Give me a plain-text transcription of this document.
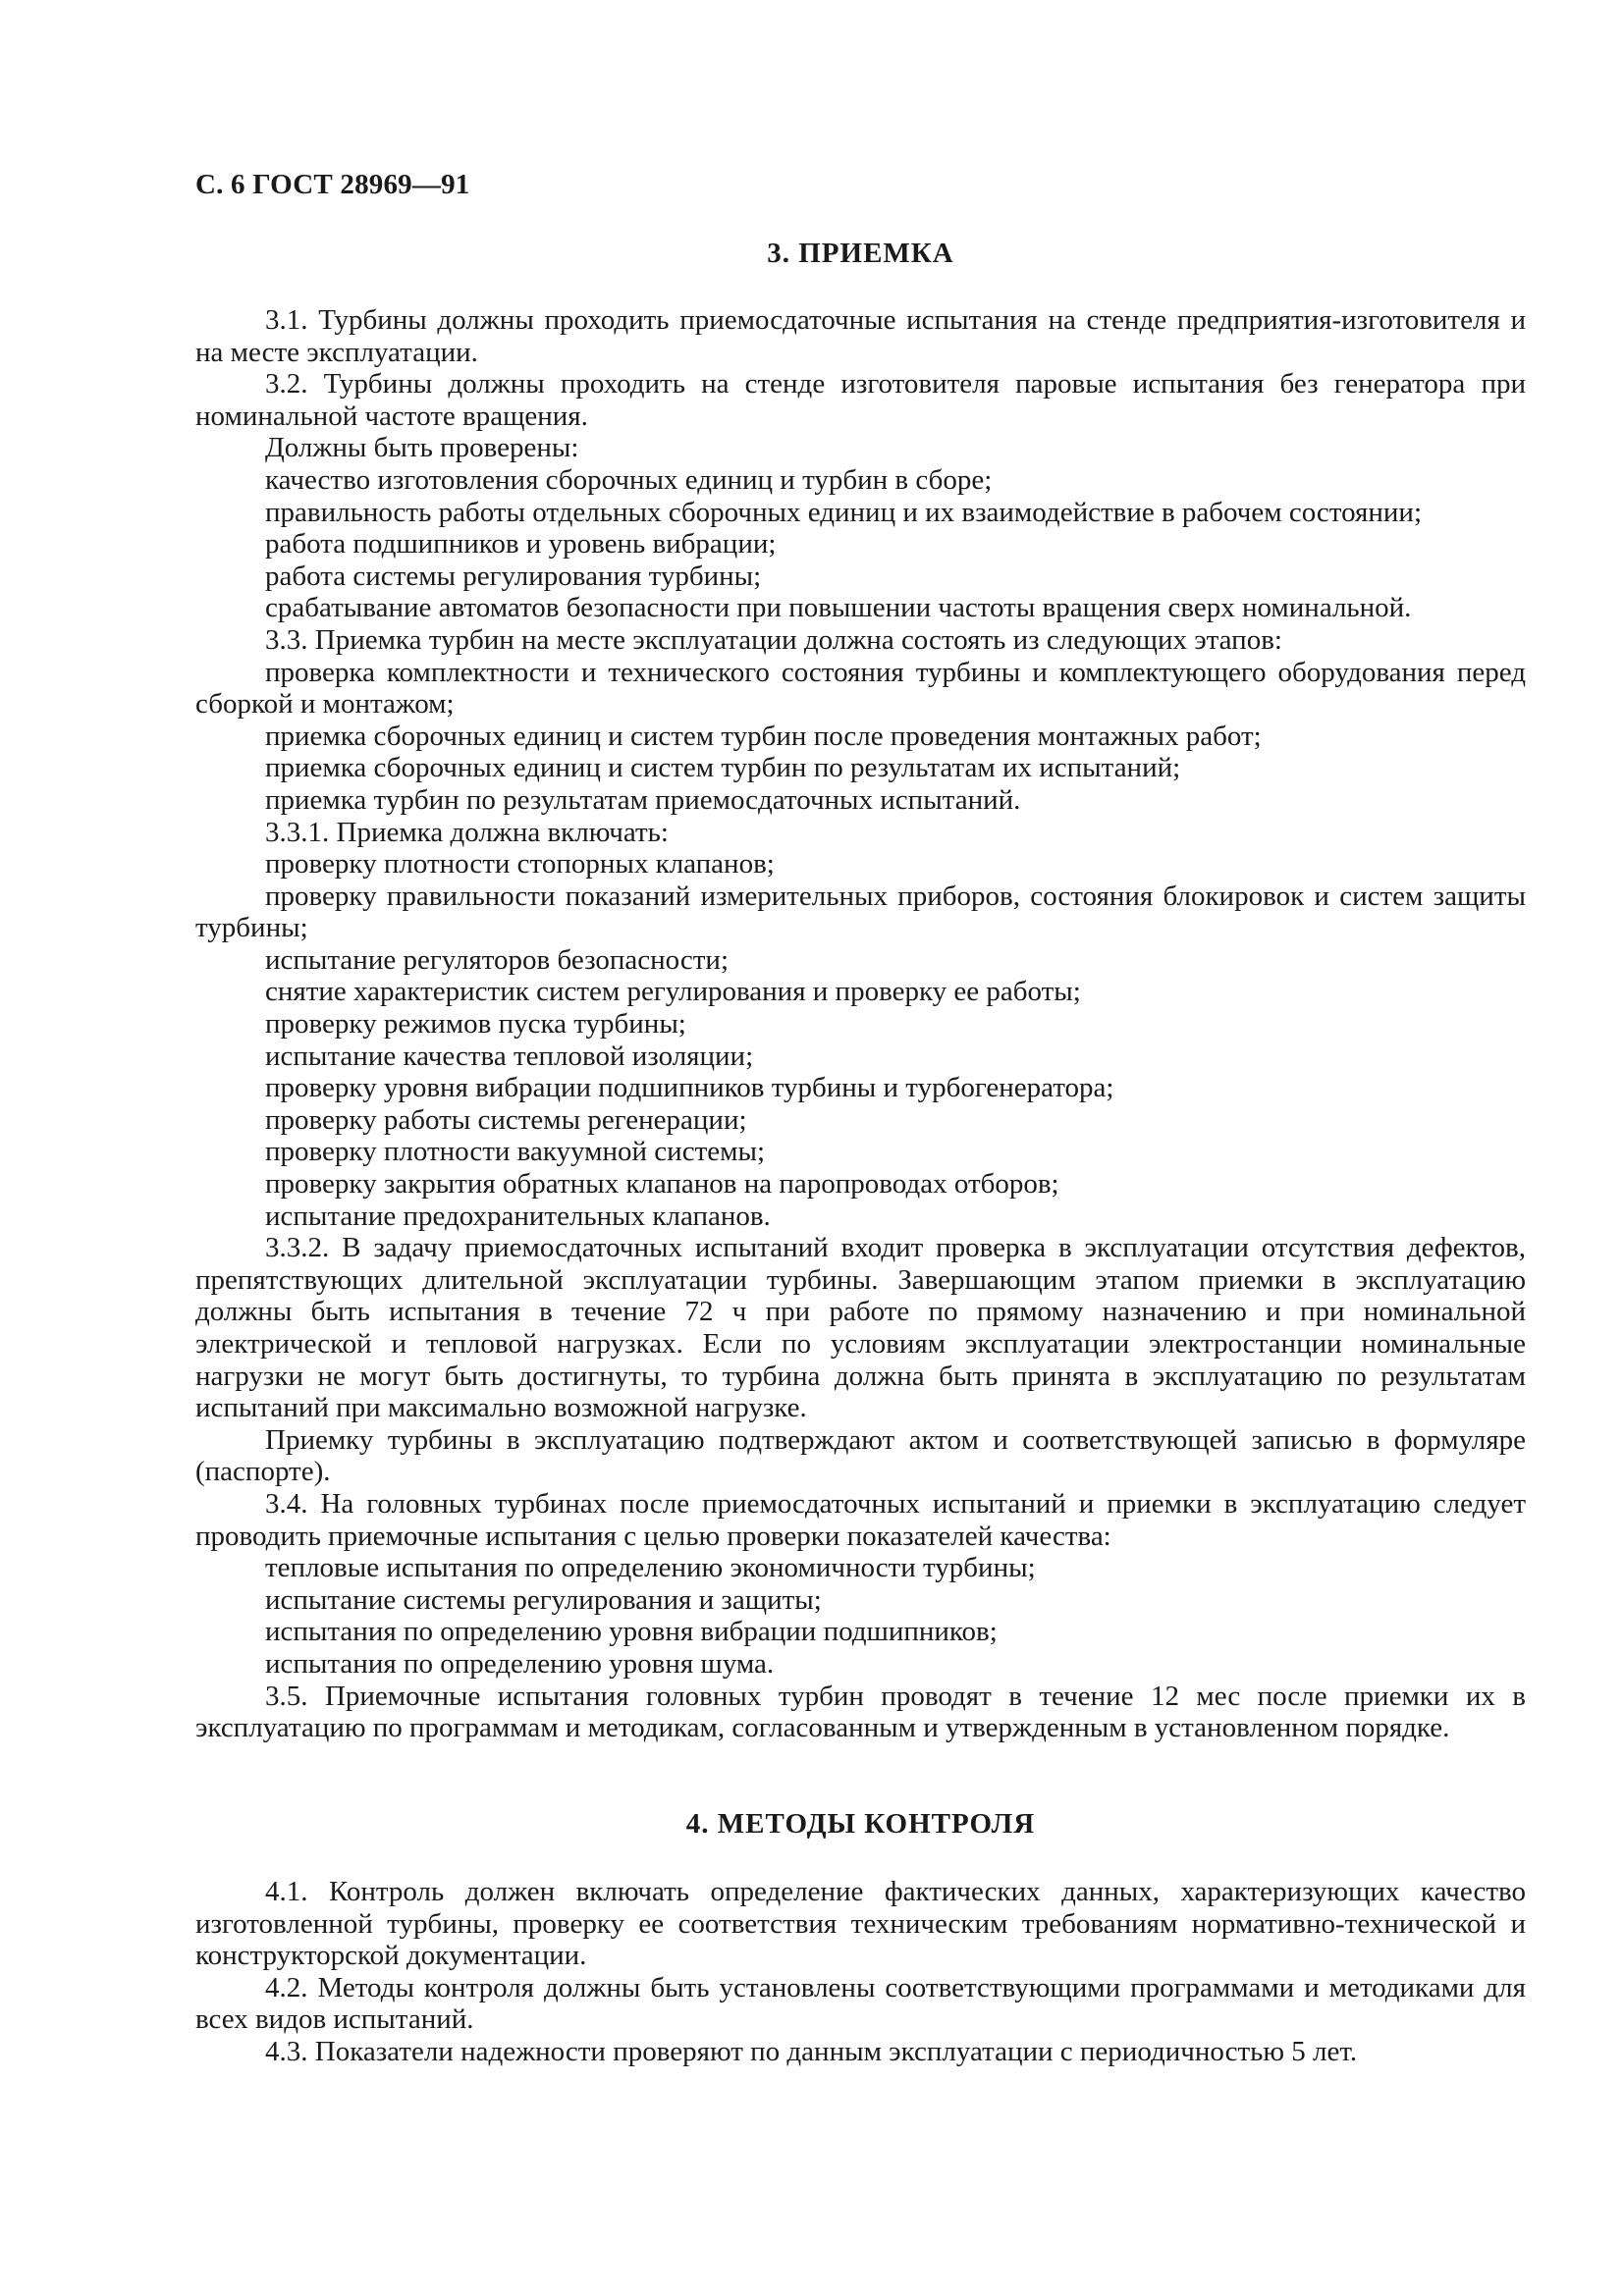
С. 6 ГОСТ 28969—91
3. ПРИЕМКА

3.1. Турбины должны проходить приемосдаточные испытания на стенде предприятия-изготовителя и на месте эксплуатации.

3.2. Турбины должны проходить на стенде изготовителя паровые испытания без генератора при номинальной частоте вращения.

Должны быть проверены:

качество изготовления сборочных единиц и турбин в сборе;

правильность работы отдельных сборочных единиц и их взаимодействие в рабочем состоянии;

работа подшипников и уровень вибрации;

работа системы регулирования турбины;

срабатывание автоматов безопасности при повышении частоты вращения сверх номинальной.

3.3. Приемка турбин на месте эксплуатации должна состоять из следующих этапов:

проверка комплектности и технического состояния турбины и комплектующего оборудования перед сборкой и монтажом;

приемка сборочных единиц и систем турбин после проведения монтажных работ;

приемка сборочных единиц и систем турбин по результатам их испытаний;

приемка турбин по результатам приемосдаточных испытаний.

3.3.1. Приемка должна включать:

проверку плотности стопорных клапанов;

проверку правильности показаний измерительных приборов, состояния блокировок и систем защиты турбины;

испытание регуляторов безопасности;

снятие характеристик систем регулирования и проверку ее работы;

проверку режимов пуска турбины;

испытание качества тепловой изоляции;

проверку уровня вибрации подшипников турбины и турбогенератора;

проверку работы системы регенерации;

проверку плотности вакуумной системы;

проверку закрытия обратных клапанов на паропроводах отборов;

испытание предохранительных клапанов.

3.3.2. В задачу приемосдаточных испытаний входит проверка в эксплуатации отсутствия дефектов, препятствующих длительной эксплуатации турбины. Завершающим этапом приемки в эксплуатацию должны быть испытания в течение 72 ч при работе по прямому назначению и при номинальной электрической и тепловой нагрузках. Если по условиям эксплуатации электростанции номинальные нагрузки не могут быть достигнуты, то турбина должна быть принята в эксплуатацию по результатам испытаний при максимально возможной нагрузке.

Приемку турбины в эксплуатацию подтверждают актом и соответствующей записью в формуляре (паспорте).

3.4. На головных турбинах после приемосдаточных испытаний и приемки в эксплуатацию следует проводить приемочные испытания с целью проверки показателей качества:

тепловые испытания по определению экономичности турбины;

испытание системы регулирования и защиты;

испытания по определению уровня вибрации подшипников;

испытания по определению уровня шума.

3.5. Приемочные испытания головных турбин проводят в течение 12 мес после приемки их в эксплуатацию по программам и методикам, согласованным и утвержденным в установленном порядке.

4. МЕТОДЫ КОНТРОЛЯ

4.1. Контроль должен включать определение фактических данных, характеризующих качество изготовленной турбины, проверку ее соответствия техническим требованиям нормативно-технической и конструкторской документации.

4.2. Методы контроля должны быть установлены соответствующими программами и методиками для всех видов испытаний.

4.3. Показатели надежности проверяют по данным эксплуатации с периодичностью 5 лет.
